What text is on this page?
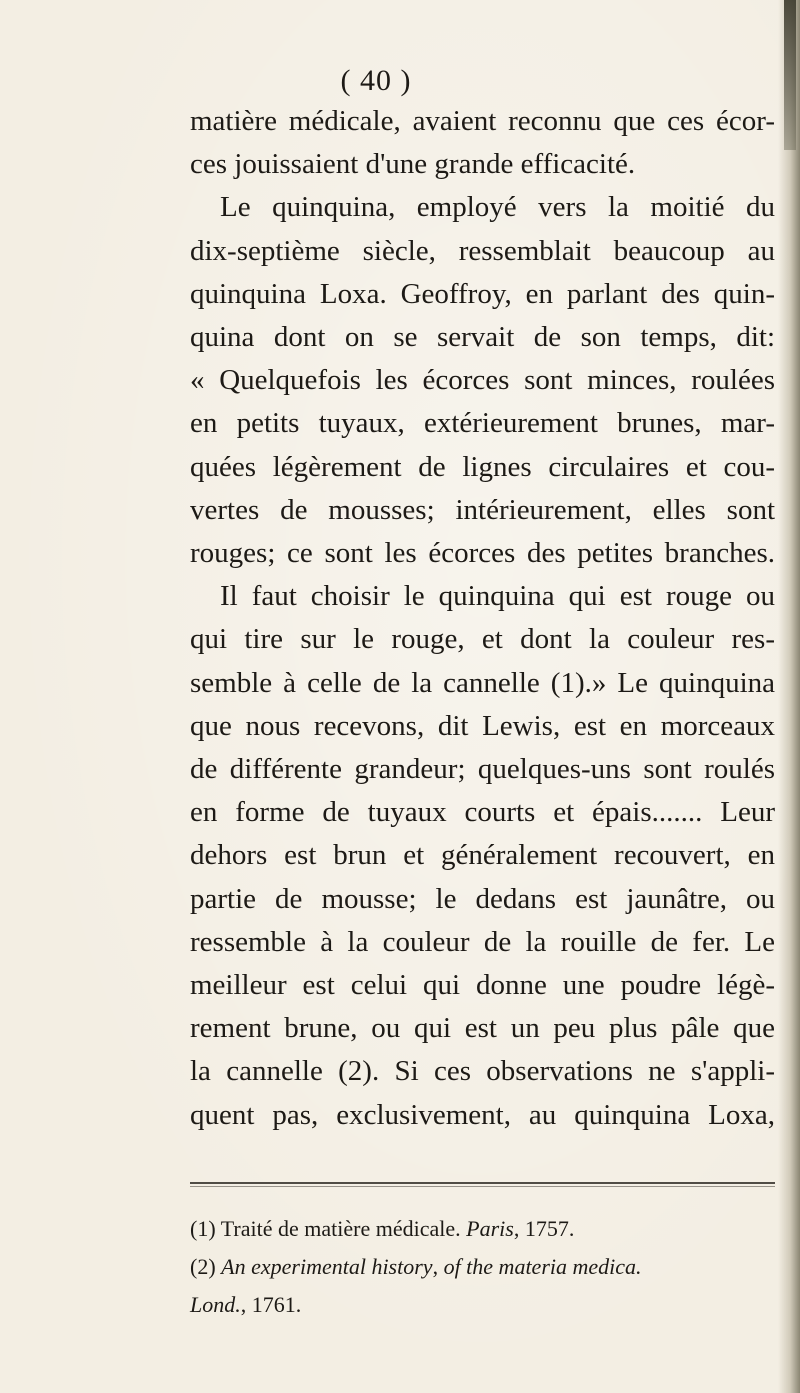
( 40 )
matière médicale, avaient reconnu que ces écor-
ces jouissaient d'une grande efficacité.
Le quinquina, employé vers la moitié du
dix-septième siècle, ressemblait beaucoup au
quinquina Loxa. Geoffroy, en parlant des quin-
quina dont on se servait de son temps, dit:
« Quelquefois les écorces sont minces, roulées
en petits tuyaux, extérieurement brunes, mar-
quées légèrement de lignes circulaires et cou-
vertes de mousses; intérieurement, elles sont
rouges; ce sont les écorces des petites branches.
Il faut choisir le quinquina qui est rouge ou
qui tire sur le rouge, et dont la couleur res-
semble à celle de la cannelle (1).» Le quinquina
que nous recevons, dit Lewis, est en morceaux
de différente grandeur; quelques-uns sont roulés
en forme de tuyaux courts et épais....... Leur
dehors est brun et généralement recouvert, en
partie de mousse; le dedans est jaunâtre, ou
ressemble à la couleur de la rouille de fer. Le
meilleur est celui qui donne une poudre légè-
rement brune, ou qui est un peu plus pâle que
la cannelle (2). Si ces observations ne s'appli-
quent pas, exclusivement, au quinquina Loxa,
(1) Traité de matière médicale. Paris, 1757.
(2) An experimental history, of the materia medica.
Lond., 1761.
